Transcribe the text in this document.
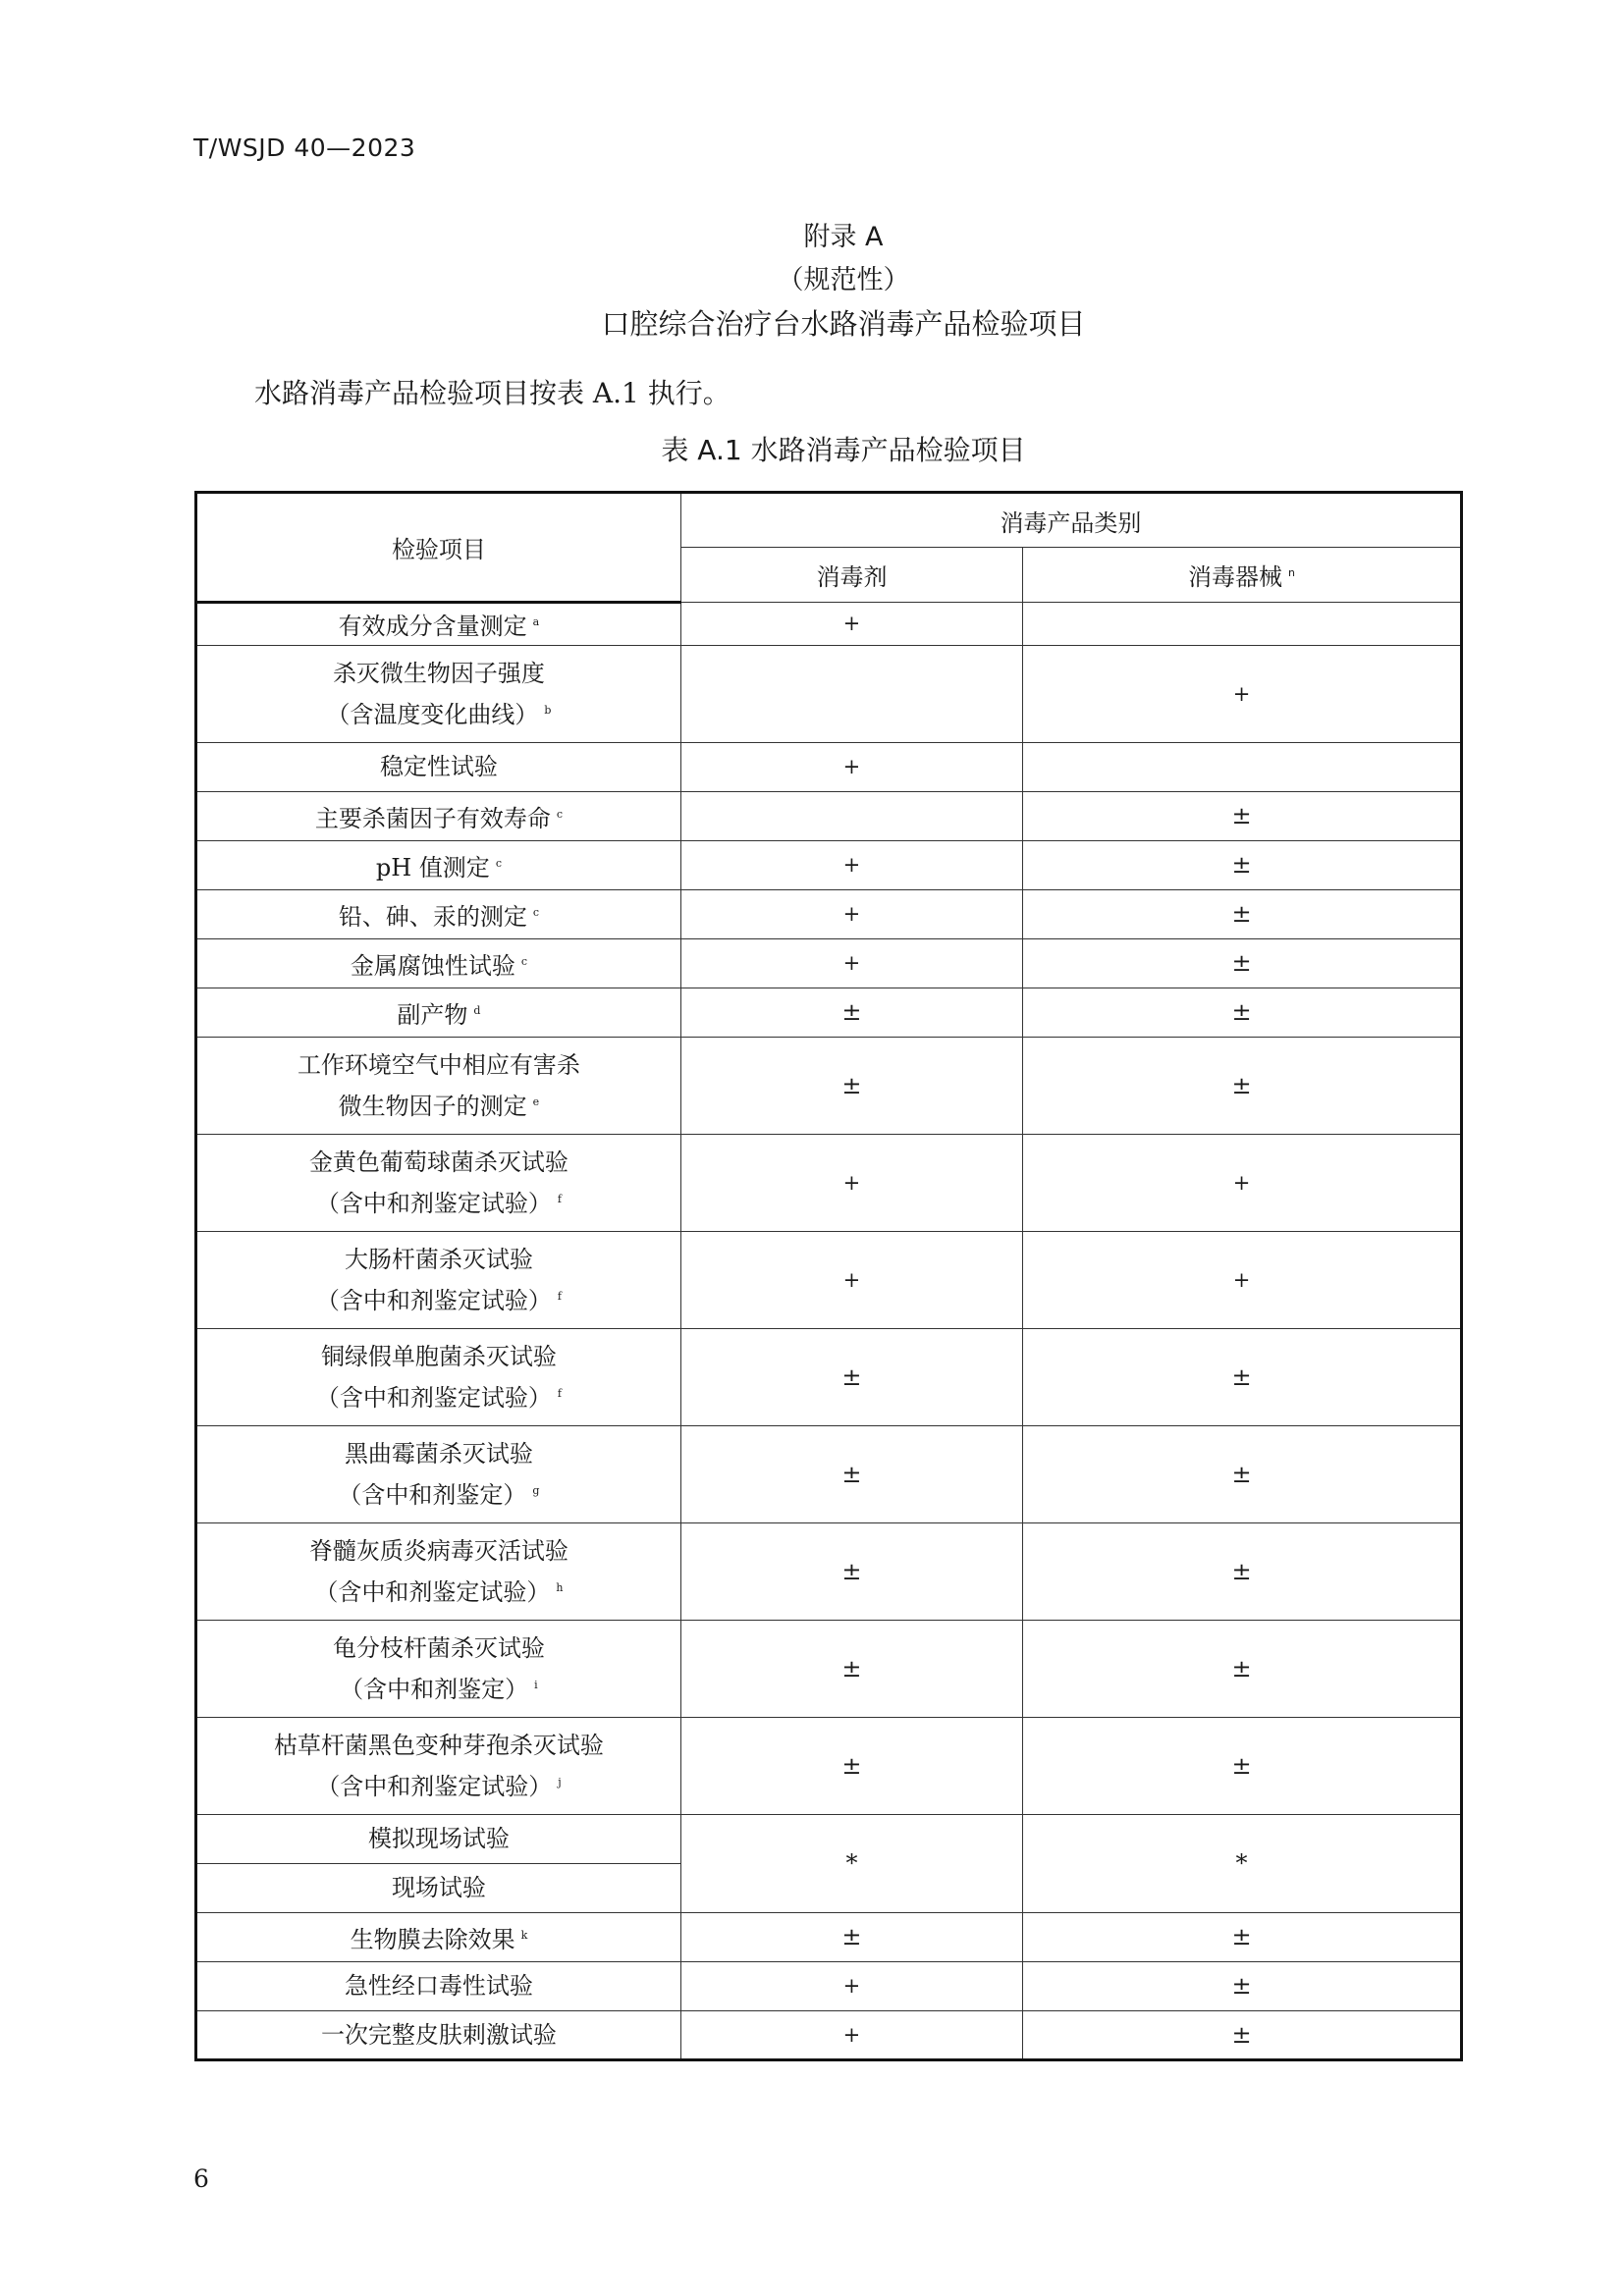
T/WSJD 40—2023
附录 A
（规范性）
口腔综合治疗台水路消毒产品检验项目
水路消毒产品检验项目按表 A.1 执行。
表 A.1 水路消毒产品检验项目
检验项目	消毒产品类别	
	消毒剂	消毒器械 $^n$
有效成分含量测定 $^a$	+	
杀灭微生物因子强度
（含温度变化曲线） $^b$		+
稳定性试验	+	
主要杀菌因子有效寿命 $^c$		±
pH 值测定 $^c$	+	±
铅、砷、汞的测定 $^c$	+	±
金属腐蚀性试验 $^c$	+	±
副产物 $^d$	±	±
工作环境空气中相应有害杀
微生物因子的测定 $^e$	±	±
金黄色葡萄球菌杀灭试验
（含中和剂鉴定试验） $^f$	+	+
大肠杆菌杀灭试验
（含中和剂鉴定试验） $^f$	+	+
铜绿假单胞菌杀灭试验
（含中和剂鉴定试验） $^f$	±	±
黑曲霉菌杀灭试验
（含中和剂鉴定） $^g$	±	±
脊髓灰质炎病毒灭活试验
（含中和剂鉴定试验） $^h$	±	±
龟分枝杆菌杀灭试验
（含中和剂鉴定） $^i$	±	±
枯草杆菌黑色变种芽孢杀灭试验
（含中和剂鉴定试验） $^j$	±	±
模拟现场试验	*	*
现场试验		
生物膜去除效果 $^k$	±	±
急性经口毒性试验	+	±
一次完整皮肤刺激试验	+	±
6
